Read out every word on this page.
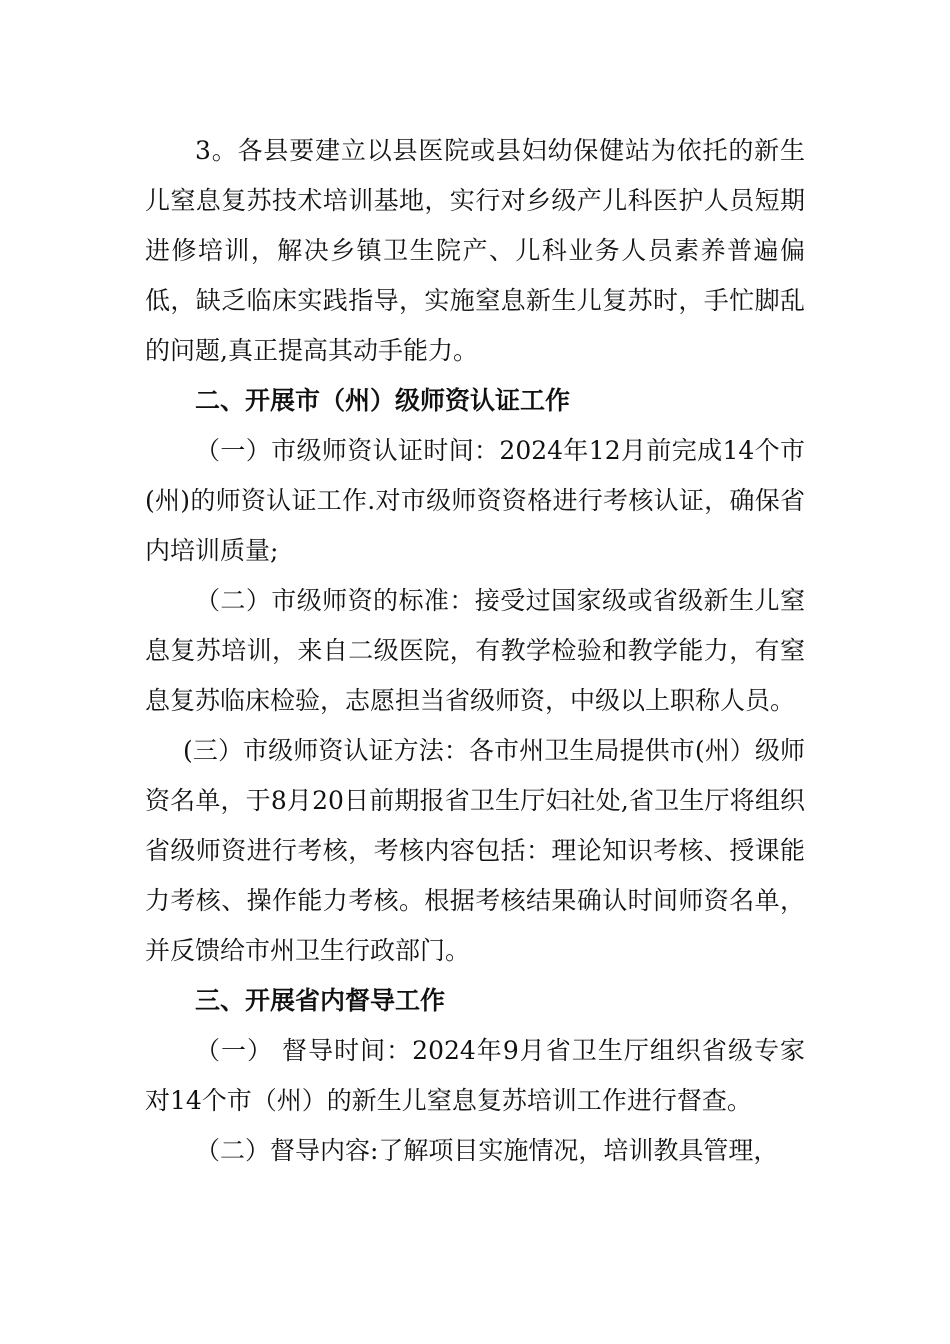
3。各县要建立以县医院或县妇幼保健站为依托的新生儿窒息复苏技术培训基地，实行对乡级产儿科医护人员短期进修培训，解决乡镇卫生院产、儿科业务人员素养普遍偏低，缺乏临床实践指导，实施窒息新生儿复苏时，手忙脚乱的问题,真正提高其动手能力。

二、开展市（州）级师资认证工作

（一）市级师资认证时间：2024年12月前完成14个市(州)的师资认证工作.对市级师资资格进行考核认证，确保省内培训质量;

（二）市级师资的标准：接受过国家级或省级新生儿窒息复苏培训，来自二级医院，有教学检验和教学能力，有窒息复苏临床检验，志愿担当省级师资，中级以上职称人员。

(三）市级师资认证方法：各市州卫生局提供市(州）级师资名单，于8月20日前期报省卫生厅妇社处,省卫生厅将组织省级师资进行考核，考核内容包括：理论知识考核、授课能力考核、操作能力考核。根据考核结果确认时间师资名单，并反馈给市州卫生行政部门。

三、开展省内督导工作

（一） 督导时间：2024年9月省卫生厅组织省级专家对14个市（州）的新生儿窒息复苏培训工作进行督查。

（二）督导内容:了解项目实施情况，培训教具管理，
